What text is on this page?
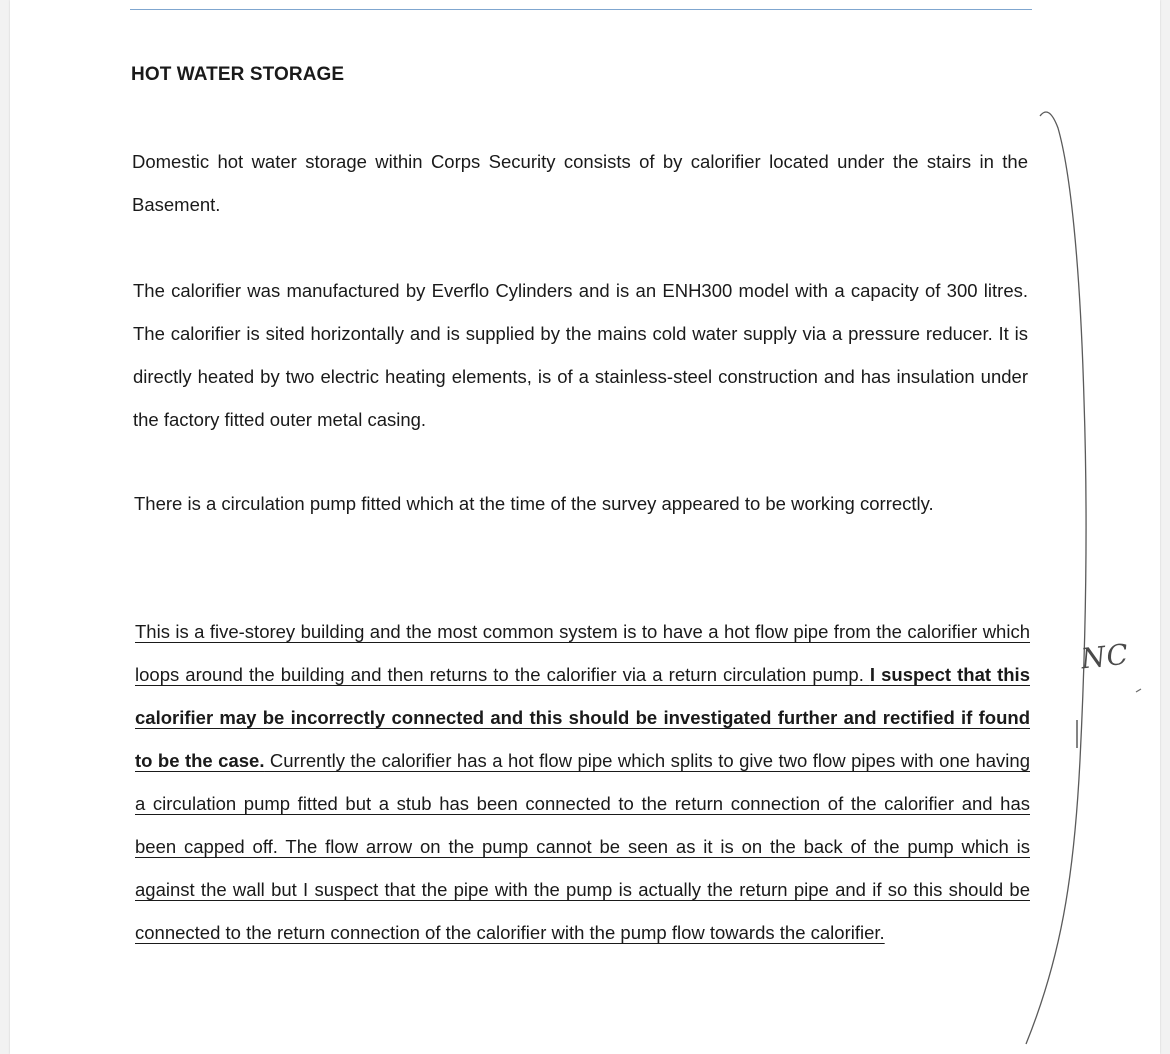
HOT WATER STORAGE

Domestic hot water storage within Corps Security consists of by calorifier located under the stairs in the Basement.

The calorifier was manufactured by Everflo Cylinders and is an ENH300 model with a capacity of 300 litres. The calorifier is sited horizontally and is supplied by the mains cold water supply via a pressure reducer. It is directly heated by two electric heating elements, is of a stainless-steel construction and has insulation under the factory fitted outer metal casing.

There is a circulation pump fitted which at the time of the survey appeared to be working correctly.

This is a five-storey building and the most common system is to have a hot flow pipe from the calorifier which loops around the building and then returns to the calorifier via a return circulation pump. I suspect that this calorifier may be incorrectly connected and this should be investigated further and rectified if found to be the case. Currently the calorifier has a hot flow pipe which splits to give two flow pipes with one having a circulation pump fitted but a stub has been connected to the return connection of the calorifier and has been capped off. The flow arrow on the pump cannot be seen as it is on the back of the pump which is against the wall but I suspect that the pipe with the pump is actually the return pipe and if so this should be connected to the return connection of the calorifier with the pump flow towards the calorifier.

NC
